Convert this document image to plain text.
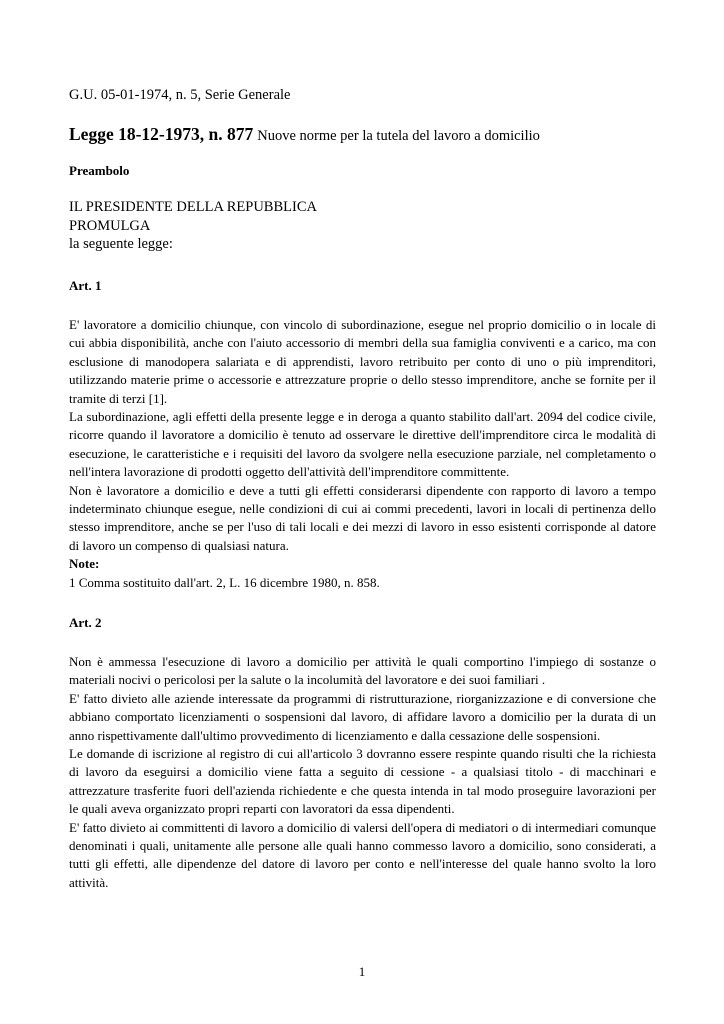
G.U. 05-01-1974, n. 5, Serie Generale
Legge 18-12-1973, n. 877 Nuove norme per la tutela del lavoro a domicilio
Preambolo
IL PRESIDENTE DELLA REPUBBLICA
PROMULGA
la seguente legge:
Art. 1

E' lavoratore a domicilio chiunque, con vincolo di subordinazione, esegue nel proprio domicilio o in locale di cui abbia disponibilità, anche con l'aiuto accessorio di membri della sua famiglia conviventi e a carico, ma con esclusione di manodopera salariata e di apprendisti, lavoro retribuito per conto di uno o più imprenditori, utilizzando materie prime o accessorie e attrezzature proprie o dello stesso imprenditore, anche se fornite per il tramite di terzi [1].

La subordinazione, agli effetti della presente legge e in deroga a quanto stabilito dall'art. 2094 del codice civile, ricorre quando il lavoratore a domicilio è tenuto ad osservare le direttive dell'imprenditore circa le modalità di esecuzione, le caratteristiche e i requisiti del lavoro da svolgere nella esecuzione parziale, nel completamento o nell'intera lavorazione di prodotti oggetto dell'attività dell'imprenditore committente.

Non è lavoratore a domicilio e deve a tutti gli effetti considerarsi dipendente con rapporto di lavoro a tempo indeterminato chiunque esegue, nelle condizioni di cui ai commi precedenti, lavori in locali di pertinenza dello stesso imprenditore, anche se per l'uso di tali locali e dei mezzi di lavoro in esso esistenti corrisponde al datore di lavoro un compenso di qualsiasi natura.

Note:

1 Comma sostituito dall'art. 2, L. 16 dicembre 1980, n. 858.

Art. 2

Non è ammessa l'esecuzione di lavoro a domicilio per attività le quali comportino l'impiego di sostanze o materiali nocivi o pericolosi per la salute o la incolumità del lavoratore e dei suoi familiari .

E' fatto divieto alle aziende interessate da programmi di ristrutturazione, riorganizzazione e di conversione che abbiano comportato licenziamenti o sospensioni dal lavoro, di affidare lavoro a domicilio per la durata di un anno rispettivamente dall'ultimo provvedimento di licenziamento e dalla cessazione delle sospensioni.

Le domande di iscrizione al registro di cui all'articolo 3 dovranno essere respinte quando risulti che la richiesta di lavoro da eseguirsi a domicilio viene fatta a seguito di cessione - a qualsiasi titolo - di macchinari e attrezzature trasferite fuori dell'azienda richiedente e che questa intenda in tal modo proseguire lavorazioni per le quali aveva organizzato propri reparti con lavoratori da essa dipendenti.

E' fatto divieto ai committenti di lavoro a domicilio di valersi dell'opera di mediatori o di intermediari comunque denominati i quali, unitamente alle persone alle quali hanno commesso lavoro a domicilio, sono considerati, a tutti gli effetti, alle dipendenze del datore di lavoro per conto e nell'interesse del quale hanno svolto la loro attività.

1
